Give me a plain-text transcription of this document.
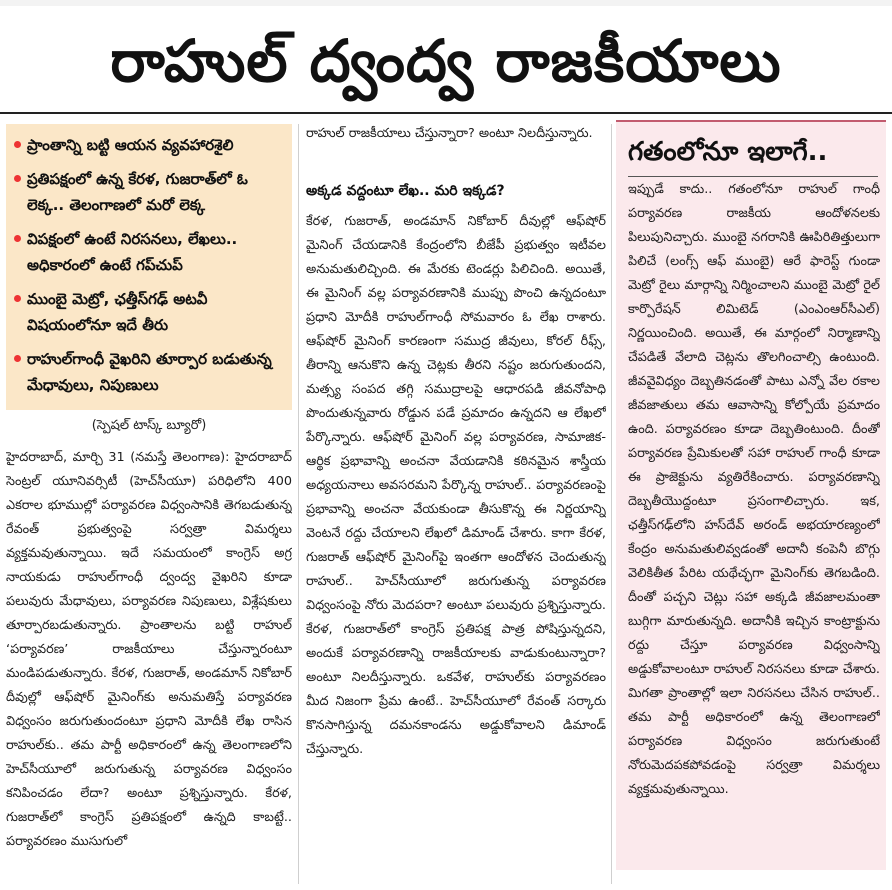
రాహుల్ ద్వంద్వ రాజకీయాలు
ప్రాంతాన్ని బట్టి ఆయన వ్యవహారశైలి
ప్రతిపక్షంలో ఉన్న కేరళ, గుజరాత్‌లో ఓ లెక్క.. తెలంగాణలో మరో లెక్క
విపక్షంలో ఉంటే నిరసనలు, లేఖలు.. అధికారంలో ఉంటే గప్‌చుప్
ముంబై మెట్రో, ఛత్తీస్‌గఢ్ అటవీ విషయంలోనూ ఇదే తీరు
రాహుల్‌గాంధీ వైఖరిని తూర్పార బడుతున్న మేధావులు, నిపుణులు
(స్పెషల్ టాస్క్ బ్యూరో)
హైదరాబాద్, మార్చి 31 (నమస్తే తెలంగాణ): హైదరాబాద్ సెంట్రల్ యూనివర్సిటీ (హెచ్‌సీయూ) పరిధిలోని 400 ఎకరాల భూముల్లో పర్యావరణ విధ్వంసానికి తెగబడుతున్న రేవంత్ ప్రభుత్వంపై సర్వత్రా విమర్శలు వ్యక్తమవుతున్నాయి. ఇదే సమయంలో కాంగ్రెస్ అగ్ర నాయకుడు రాహుల్‌గాంధీ ద్వంద్వ వైఖరిని కూడా పలువురు మేధావులు, పర్యావరణ నిపుణులు, విశ్లేషకులు తూర్పారబడుతున్నారు. ప్రాంతాలను బట్టి రాహుల్ ‘పర్యావరణ’ రాజకీయాలు చేస్తున్నారంటూ మండిపడుతున్నారు. కేరళ, గుజరాత్, అండమాన్ నికోబార్ దీవుల్లో ఆఫ్‌షోర్ మైనింగ్‌కు అనుమతిస్తే పర్యావరణ విధ్వంసం జరుగుతుందంటూ ప్రధాని మోదీకి లేఖ రాసిన రాహుల్‌కు.. తమ పార్టీ అధికారంలో ఉన్న తెలంగాణలోని హెచ్‌సీయూలో జరుగుతున్న పర్యావరణ విధ్వంసం కనిపించడం లేదా? అంటూ ప్రశ్నిస్తున్నారు. కేరళ, గుజరాత్‌లో కాంగ్రెస్ ప్రతిపక్షంలో ఉన్నది కాబట్టే.. పర్యావరణం ముసుగులో
రాహుల్ రాజకీయాలు చేస్తున్నారా? అంటూ నిలదీస్తున్నారు.
అక్కడ వద్దంటూ లేఖ.. మరి ఇక్కడ?
కేరళ, గుజరాత్, అండమాన్ నికోబార్ దీవుల్లో ఆఫ్‌షోర్ మైనింగ్ చేయడానికి కేంద్రంలోని బీజేపీ ప్రభుత్వం ఇటీవల అనుమతులిచ్చింది. ఈ మేరకు టెండర్లు పిలిచింది. అయితే, ఈ మైనింగ్ వల్ల పర్యావరణానికి ముప్పు పొంచి ఉన్నదంటూ ప్రధాని మోదీకి రాహుల్‌గాంధీ సోమవారం ఓ లేఖ రాశారు. ఆఫ్‌షోర్ మైనింగ్ కారణంగా సముద్ర జీవులు, కోరల్ రీఫ్స్, తీరాన్ని ఆనుకొని ఉన్న చెట్లకు తీరని నష్టం జరుగుతుందని, మత్స్య సంపద తగ్గి సముద్రాలపై ఆధారపడి జీవనోపాధి పొందుతున్నవారు రోడ్డున పడే ప్రమాదం ఉన్నదని ఆ లేఖలో పేర్కొన్నారు. ఆఫ్‌షోర్ మైనింగ్ వల్ల పర్యావరణ, సామాజిక-ఆర్థిక ప్రభావాన్ని అంచనా వేయడానికి కఠినమైన శాస్త్రీయ అధ్యయనాలు అవసరమని పేర్కొన్న రాహుల్.. పర్యావరణంపై ప్రభావాన్ని అంచనా వేయకుండా తీసుకొన్న ఈ నిర్ణయాన్ని వెంటనే రద్దు చేయాలని లేఖలో డిమాండ్ చేశారు. కాగా కేరళ, గుజరాత్ ఆఫ్‌షోర్ మైనింగ్‌పై ఇంతగా ఆందోళన చెందుతున్న రాహుల్.. హెచ్‌సీయూలో జరుగుతున్న పర్యావరణ విధ్వంసంపై నోరు మెదపరా? అంటూ పలువురు ప్రశ్నిస్తున్నారు. కేరళ, గుజరాత్‌లో కాంగ్రెస్ ప్రతిపక్ష పాత్ర పోషిస్తున్నదని, అందుకే పర్యావరణాన్ని రాజకీయాలకు వాడుకుంటున్నారా? అంటూ నిలదీస్తున్నారు. ఒకవేళ, రాహుల్‌కు పర్యావరణం మీద నిజంగా ప్రేమ ఉంటే.. హెచ్‌సీయూలో రేవంత్ సర్కారు కొనసాగిస్తున్న దమనకాండను అడ్డుకోవాలని డిమాండ్ చేస్తున్నారు.
గతంలోనూ ఇలాగే..
ఇప్పుడే కాదు.. గతంలోనూ రాహుల్ గాంధీ పర్యావరణ రాజకీయ ఆందోళనలకు పిలుపునిచ్చారు. ముంబై నగరానికి ఊపిరితిత్తులుగా పిలిచే (లంగ్స్ ఆఫ్ ముంబై) ఆరే ఫారెస్ట్ గుండా మెట్రో రైలు మార్గాన్ని నిర్మించాలని ముంబై మెట్రో రైల్ కార్పొరేషన్ లిమిటెడ్ (ఎంఎంఆర్‌సీఎల్) నిర్ణయించింది. అయితే, ఈ మార్గంలో నిర్మాణాన్ని చేపడితే వేలాది చెట్లను తొలగించాల్సి ఉంటుంది. జీవవైవిధ్యం దెబ్బతినడంతో పాటు ఎన్నో వేల రకాల జీవజాతులు తమ ఆవాసాన్ని కోల్పోయే ప్రమాదం ఉంది. పర్యావరణం కూడా దెబ్బతింటుంది. దీంతో పర్యావరణ ప్రేమికులతో సహా రాహుల్ గాంధీ కూడా ఈ ప్రాజెక్టును వ్యతిరేకించారు. పర్యావరణాన్ని దెబ్బతీయొద్దంటూ ప్రసంగాలిచ్చారు. ఇక, ఛత్తీస్‌గఢ్‌లోని హస్‌దేవ్ అరండ్ అభయారణ్యంలో కేంద్రం అనుమతులివ్వడంతో అదానీ కంపెనీ బొగ్గు వెలికితీత పేరిట యథేచ్ఛగా మైనింగ్‌కు తెగబడింది. దీంతో పచ్చని చెట్లు సహా అక్కడి జీవజాలమంతా బుగ్గిగా మారుతున్నది. అదానీకి ఇచ్చిన కాంట్రాక్టును రద్దు చేస్తూ పర్యావరణ విధ్వంసాన్ని అడ్డుకోవాలంటూ రాహుల్ నిరసనలు కూడా చేశారు. మిగతా ప్రాంతాల్లో ఇలా నిరసనలు చేసిన రాహుల్.. తమ పార్టీ అధికారంలో ఉన్న తెలంగాణలో పర్యావరణ విధ్వంసం జరుగుతుంటే నోరుమెదపకపోవడంపై సర్వత్రా విమర్శలు వ్యక్తమవుతున్నాయి.
